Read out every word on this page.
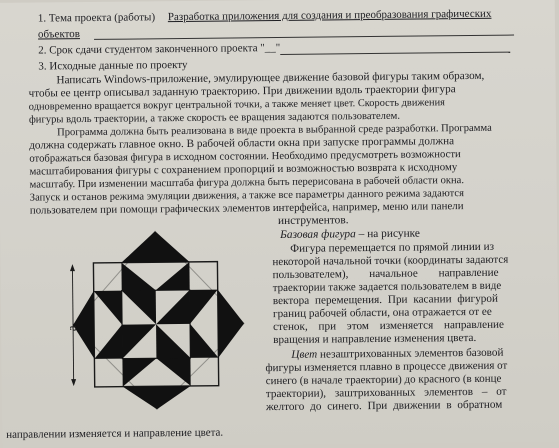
1. Тема проекта (работы) Разработка приложения для создания и преобразования графических
объектов
2. Срок сдачи студентом законченного проекта "__"
3. Исходные данные по проекту
Написать Windows-приложение, эмулирующее движение базовой фигуры таким образом,
чтобы ее центр описывал заданную траекторию. При движении вдоль траектории фигура
одновременно вращается вокруг центральной точки, а также меняет цвет. Скорость движения
фигуры вдоль траектории, а также скорость ее вращения задаются пользователем.
Программа должна быть реализована в виде проекта в выбранной среде разработки. Программа
должна содержать главное окно. В рабочей области окна при запуске программы должна
отображаться базовая фигура в исходном состоянии. Необходимо предусмотреть возможности
масштабирования фигуры с сохранением пропорций и возможностью возврата к исходному
масштабу. При изменении масштаба фигура должна быть перерисована в рабочей области окна.
Запуск и останов режима эмуляции движения, а также все параметры данного режима задаются
пользователем при помощи графических элементов интерфейса, например, меню или панели
инструментов.
Базовая фигура – на рисунке
Фигура перемещается по прямой линии из
некоторой начальной точки (координаты задаются
пользователем), начальное направление
траектории также задается пользователем в виде
вектора перемещения. При касании фигурой
границ рабочей области, она отражается от ее
стенок, при этом изменяется направление
вращения и направление изменения цвета.
Цвет незаштрихованных элементов базовой
фигуры изменяется плавно в процессе движения от
синего (в начале траектории) до красного (в конце
траектории), заштрихованных элементов – от
желтого до синего. При движении в обратном
направлении изменяется и направление цвета.
a
